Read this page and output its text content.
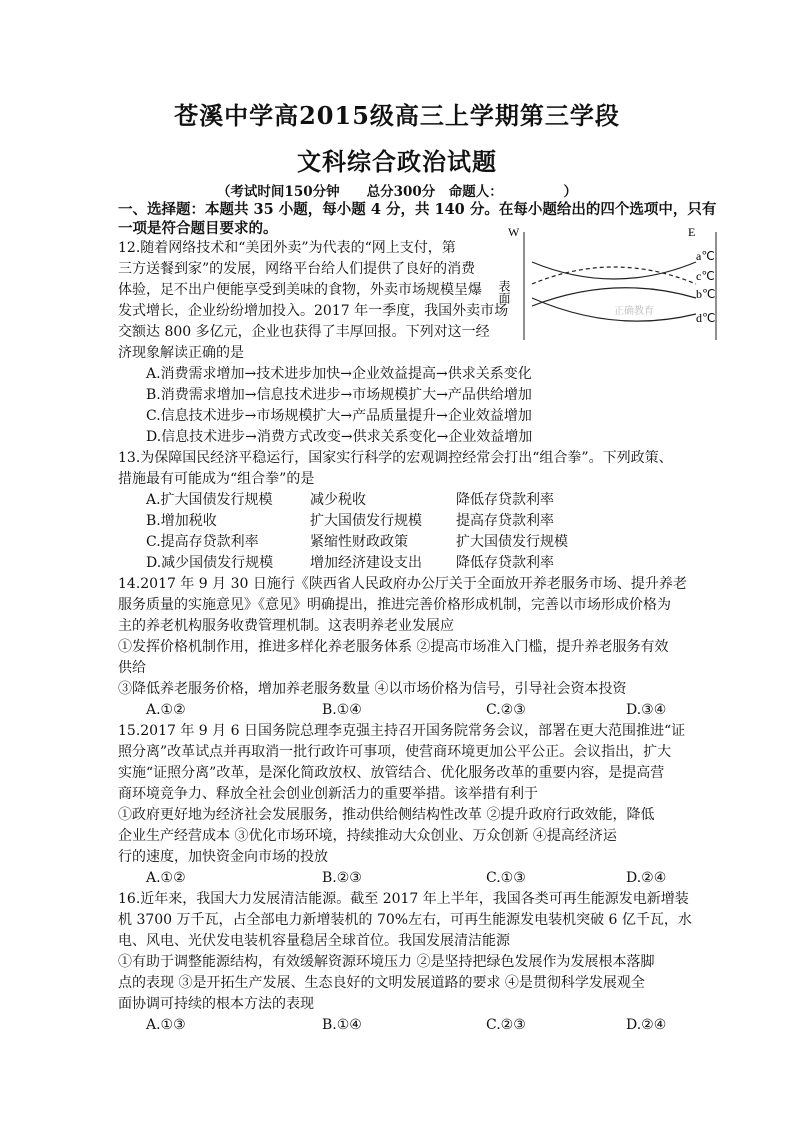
苍溪中学高2015级高三上学期第三学段
文科综合政治试题
（考试时间150分钟　　总分300分　命题人：　　　　　）
一、选择题：本题共 35 小题，每小题 4 分，共 140 分。在每小题给出的四个选项中，只有
一项是符合题目要求的。	W	E
表面
a℃
c℃
b℃
d℃
正确教育
12.随着网络技术和“美团外卖”为代表的“网上支付，第
三方送餐到家”的发展，网络平台给人们提供了良好的消费
体验，足不出户便能享受到美味的食物，外卖市场规模呈爆
发式增长，企业纷纷增加投入。2017 年一季度，我国外卖市场
交额达 800 多亿元，企业也获得了丰厚回报。下列对这一经
济现象解读正确的是
A.消费需求增加→技术进步加快→企业效益提高→供求关系变化
B.消费需求增加→信息技术进步→市场规模扩大→产品供给增加
C.信息技术进步→市场规模扩大→产品质量提升→企业效益增加
D.信息技术进步→消费方式改变→供求关系变化→企业效益增加
13.为保障国民经济平稳运行，国家实行科学的宏观调控经常会打出“组合拳”。下列政策、
措施最有可能成为“组合拳”的是
A.扩大国债发行规模	减少税收	降低存贷款利率
B.增加税收	扩大国债发行规模 提高存贷款利率
C.提高存贷款利率	紧缩性财政政策	扩大国债发行规模
D.减少国债发行规模	增加经济建设支出 降低存贷款利率
14.2017 年 9 月 30 日施行《陕西省人民政府办公厅关于全面放开养老服务市场、提升养老
服务质量的实施意见》《意见》明确提出，推进完善价格形成机制，完善以市场形成价格为
主的养老机构服务收费管理机制。这表明养老业发展应
①发挥价格机制作用，推进多样化养老服务体系 ②提高市场准入门槛，提升养老服务有效
供给
③降低养老服务价格，增加养老服务数量 ④以市场价格为信号，引导社会资本投资
A.①②	B.①④	C.②③	D.③④
15.2017 年 9 月 6 日国务院总理李克强主持召开国务院常务会议，部署在更大范围推进“证
照分离”改革试点并再取消一批行政许可事项，使营商环境更加公平公正。会议指出，扩大
实施“证照分离”改革，是深化简政放权、放管结合、优化服务改革的重要内容，是提高营
商环境竞争力、释放全社会创业创新活力的重要举措。该举措有利于
①政府更好地为经济社会发展服务，推动供给侧结构性改革 ②提升政府行政效能，降低
企业生产经营成本 ③优化市场环境，持续推动大众创业、万众创新 ④提高经济运
行的速度，加快资金向市场的投放
A.①②	B.②③	C.①③	D.②④
16.近年来，我国大力发展清洁能源。截至 2017 年上半年，我国各类可再生能源发电新增装
机 3700 万千瓦，占全部电力新增装机的 70%左右，可再生能源发电装机突破 6 亿千瓦，水
电、风电、光伏发电装机容量稳居全球首位。我国发展清洁能源
①有助于调整能源结构，有效缓解资源环境压力 ②是坚持把绿色发展作为发展根本落脚
点的表现 ③是开拓生产发展、生态良好的文明发展道路的要求 ④是贯彻科学发展观全
面协调可持续的根本方法的表现
A.①③	B.①④	C.②③	D.②④
